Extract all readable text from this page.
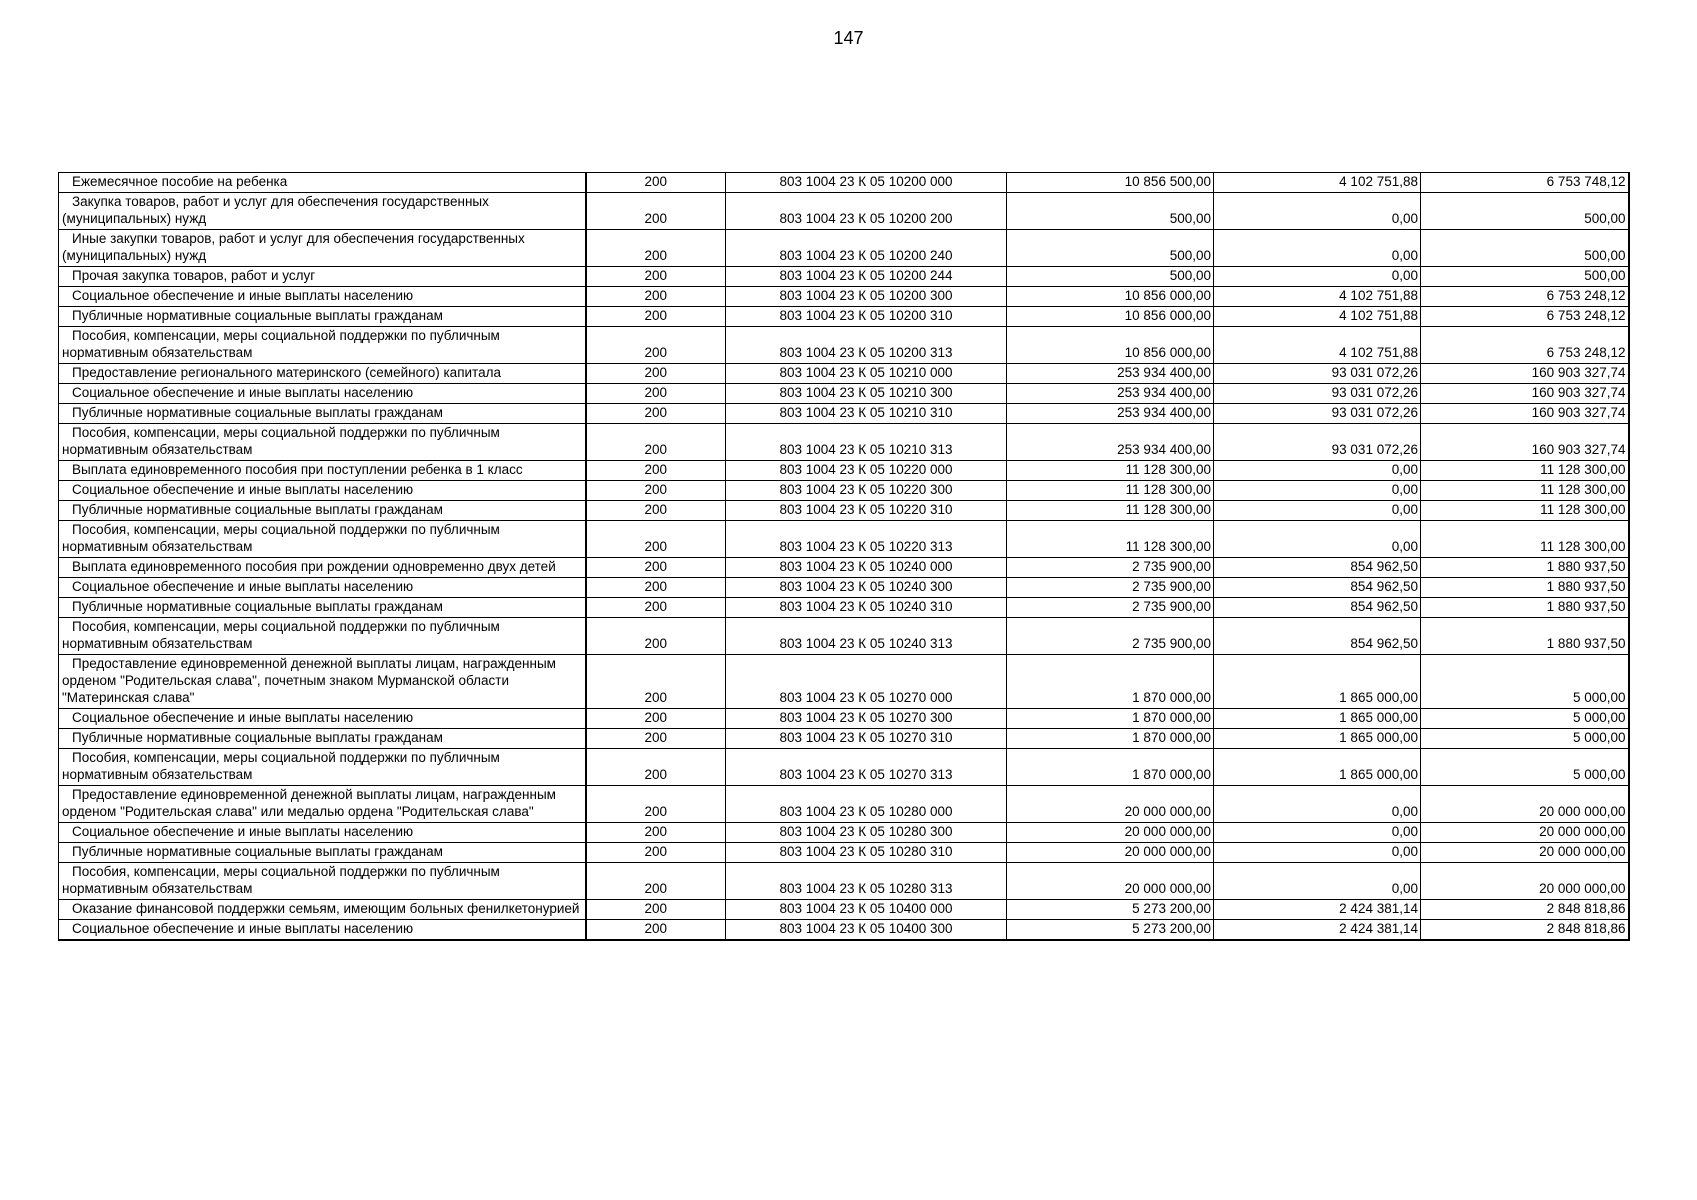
147
Ежемесячное пособие на ребенка	200	803 1004 23 К 05 10200 000	10 856 500,00	4 102 751,88	6 753 748,12

Закупка товаров, работ и услуг для обеспечения государственных (муниципальных) нужд	200	803 1004 23 К 05 10200 200	500,00	0,00	500,00

Иные закупки товаров, работ и услуг для обеспечения государственных (муниципальных) нужд	200	803 1004 23 К 05 10200 240	500,00	0,00	500,00

Прочая закупка товаров, работ и услуг	200	803 1004 23 К 05 10200 244	500,00	0,00	500,00

Социальное обеспечение и иные выплаты населению	200	803 1004 23 К 05 10200 300	10 856 000,00	4 102 751,88	6 753 248,12

Публичные нормативные социальные выплаты гражданам	200	803 1004 23 К 05 10200 310	10 856 000,00	4 102 751,88	6 753 248,12

Пособия, компенсации, меры социальной поддержки по публичным нормативным обязательствам	200	803 1004 23 К 05 10200 313	10 856 000,00	4 102 751,88	6 753 248,12

Предоставление регионального материнского (семейного) капитала	200	803 1004 23 К 05 10210 000	253 934 400,00	93 031 072,26	160 903 327,74

Социальное обеспечение и иные выплаты населению	200	803 1004 23 К 05 10210 300	253 934 400,00	93 031 072,26	160 903 327,74

Публичные нормативные социальные выплаты гражданам	200	803 1004 23 К 05 10210 310	253 934 400,00	93 031 072,26	160 903 327,74

Пособия, компенсации, меры социальной поддержки по публичным нормативным обязательствам	200	803 1004 23 К 05 10210 313	253 934 400,00	93 031 072,26	160 903 327,74

Выплата единовременного пособия при поступлении ребенка в 1 класс	200	803 1004 23 К 05 10220 000	11 128 300,00	0,00	11 128 300,00

Социальное обеспечение и иные выплаты населению	200	803 1004 23 К 05 10220 300	11 128 300,00	0,00	11 128 300,00

Публичные нормативные социальные выплаты гражданам	200	803 1004 23 К 05 10220 310	11 128 300,00	0,00	11 128 300,00

Пособия, компенсации, меры социальной поддержки по публичным нормативным обязательствам	200	803 1004 23 К 05 10220 313	11 128 300,00	0,00	11 128 300,00

Выплата единовременного пособия при рождении одновременно двух детей	200	803 1004 23 К 05 10240 000	2 735 900,00	854 962,50	1 880 937,50

Социальное обеспечение и иные выплаты населению	200	803 1004 23 К 05 10240 300	2 735 900,00	854 962,50	1 880 937,50

Публичные нормативные социальные выплаты гражданам	200	803 1004 23 К 05 10240 310	2 735 900,00	854 962,50	1 880 937,50

Пособия, компенсации, меры социальной поддержки по публичным нормативным обязательствам	200	803 1004 23 К 05 10240 313	2 735 900,00	854 962,50	1 880 937,50

Предоставление единовременной денежной выплаты лицам, награжденным орденом "Родительская слава", почетным знаком Мурманской области "Материнская слава"	200	803 1004 23 К 05 10270 000	1 870 000,00	1 865 000,00	5 000,00

Социальное обеспечение и иные выплаты населению	200	803 1004 23 К 05 10270 300	1 870 000,00	1 865 000,00	5 000,00

Публичные нормативные социальные выплаты гражданам	200	803 1004 23 К 05 10270 310	1 870 000,00	1 865 000,00	5 000,00

Пособия, компенсации, меры социальной поддержки по публичным нормативным обязательствам	200	803 1004 23 К 05 10270 313	1 870 000,00	1 865 000,00	5 000,00

Предоставление единовременной денежной выплаты лицам, награжденным орденом "Родительская слава" или медалью ордена "Родительская слава"	200	803 1004 23 К 05 10280 000	20 000 000,00	0,00	20 000 000,00

Социальное обеспечение и иные выплаты населению	200	803 1004 23 К 05 10280 300	20 000 000,00	0,00	20 000 000,00

Публичные нормативные социальные выплаты гражданам	200	803 1004 23 К 05 10280 310	20 000 000,00	0,00	20 000 000,00

Пособия, компенсации, меры социальной поддержки по публичным нормативным обязательствам	200	803 1004 23 К 05 10280 313	20 000 000,00	0,00	20 000 000,00

Оказание финансовой поддержки семьям, имеющим больных фенилкетонурией	200	803 1004 23 К 05 10400 000	5 273 200,00	2 424 381,14	2 848 818,86

Социальное обеспечение и иные выплаты населению	200	803 1004 23 К 05 10400 300	5 273 200,00	2 424 381,14	2 848 818,86
